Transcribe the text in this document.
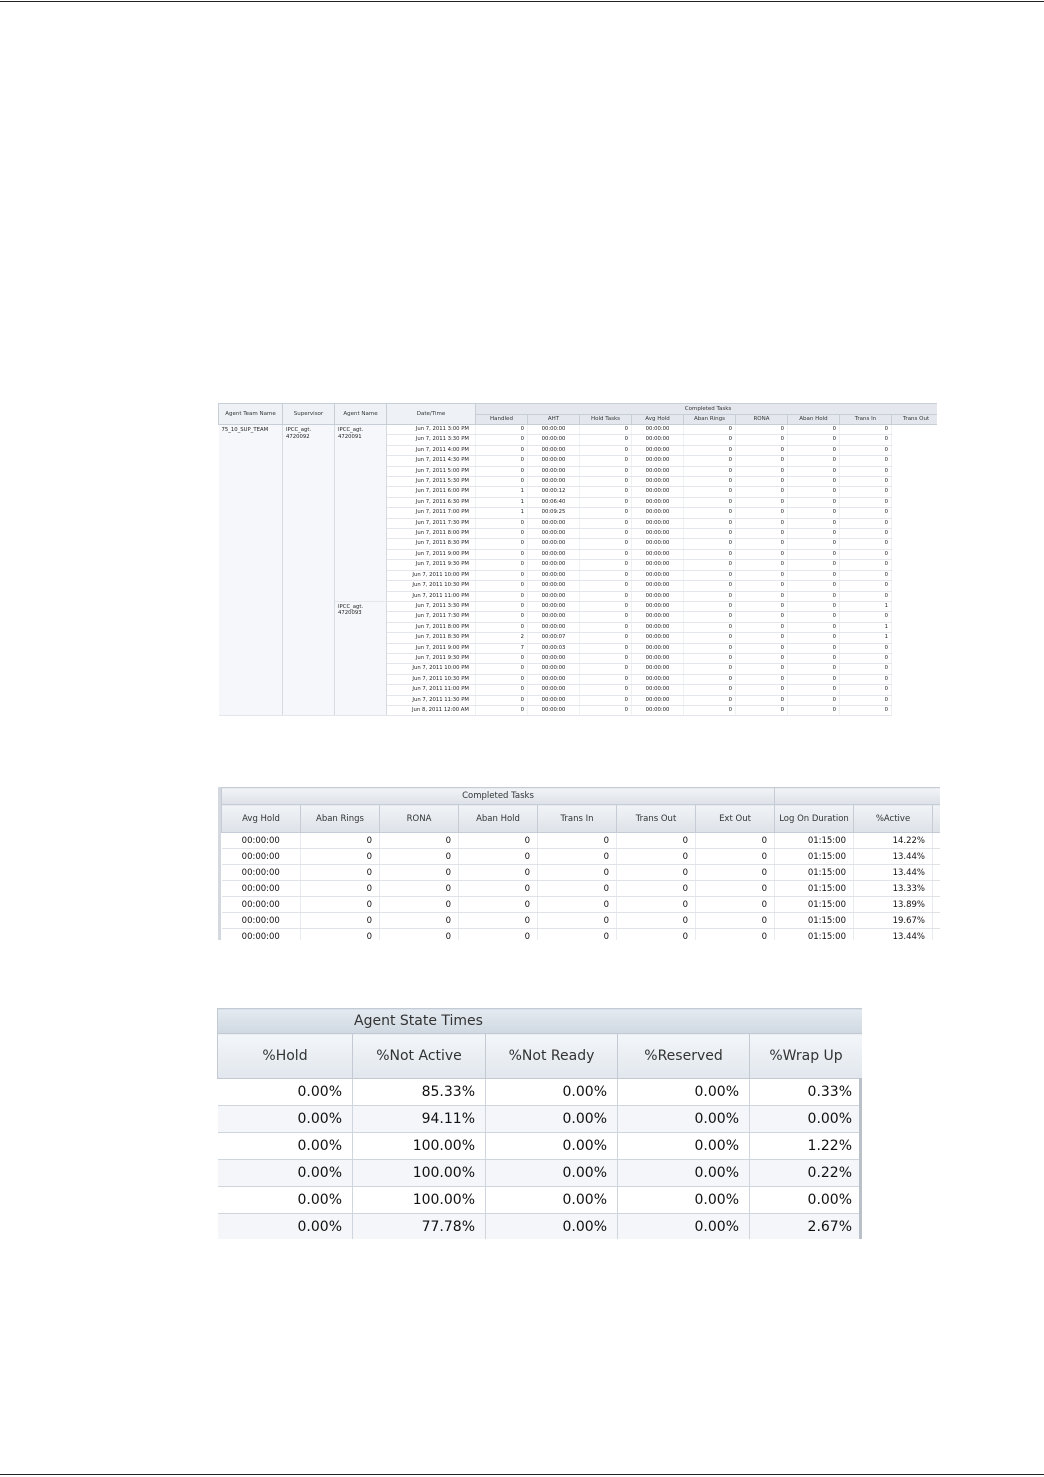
Agent Team Name	Supervisor	Agent Name	Date/Time	Completed Tasks								
				Handled	AHT	Hold Tasks	Avg Hold	Aban Rings	RONA	Aban Hold	Trans In	Trans Out
75_10_SUP_TEAM	IPCC_agt. 4720092	IPCC_agt. 4720091	Jun 7, 2011 3:00 PM	0	00:00:00	0	00:00:00	0	0	0	0	
			Jun 7, 2011 3:30 PM	0	00:00:00	0	00:00:00	0	0	0	0	
			Jun 7, 2011 4:00 PM	0	00:00:00	0	00:00:00	0	0	0	0	
			Jun 7, 2011 4:30 PM	0	00:00:00	0	00:00:00	0	0	0	0	
			Jun 7, 2011 5:00 PM	0	00:00:00	0	00:00:00	0	0	0	0	
			Jun 7, 2011 5:30 PM	0	00:00:00	0	00:00:00	0	0	0	0	
			Jun 7, 2011 6:00 PM	1	00:00:12	0	00:00:00	0	0	0	0	
			Jun 7, 2011 6:30 PM	1	00:06:40	0	00:00:00	0	0	0	0	
			Jun 7, 2011 7:00 PM	1	00:09:25	0	00:00:00	0	0	0	0	
			Jun 7, 2011 7:30 PM	0	00:00:00	0	00:00:00	0	0	0	0	
			Jun 7, 2011 8:00 PM	0	00:00:00	0	00:00:00	0	0	0	0	
			Jun 7, 2011 8:30 PM	0	00:00:00	0	00:00:00	0	0	0	0	
			Jun 7, 2011 9:00 PM	0	00:00:00	0	00:00:00	0	0	0	0	
			Jun 7, 2011 9:30 PM	0	00:00:00	0	00:00:00	0	0	0	0	
			Jun 7, 2011 10:00 PM	0	00:00:00	0	00:00:00	0	0	0	0	
			Jun 7, 2011 10:30 PM	0	00:00:00	0	00:00:00	0	0	0	0	
			Jun 7, 2011 11:00 PM	0	00:00:00	0	00:00:00	0	0	0	0	
		IPCC_agt. 4720093	Jun 7, 2011 3:30 PM	0	00:00:00	0	00:00:00	0	0	0	1	
			Jun 7, 2011 7:30 PM	0	00:00:00	0	00:00:00	0	0	0	0	
			Jun 7, 2011 8:00 PM	0	00:00:00	0	00:00:00	0	0	0	1	
			Jun 7, 2011 8:30 PM	2	00:00:07	0	00:00:00	0	0	0	1	
			Jun 7, 2011 9:00 PM	7	00:00:03	0	00:00:00	0	0	0	0	
			Jun 7, 2011 9:30 PM	0	00:00:00	0	00:00:00	0	0	0	0	
			Jun 7, 2011 10:00 PM	0	00:00:00	0	00:00:00	0	0	0	0	
			Jun 7, 2011 10:30 PM	0	00:00:00	0	00:00:00	0	0	0	0	
			Jun 7, 2011 11:00 PM	0	00:00:00	0	00:00:00	0	0	0	0	
			Jun 7, 2011 11:30 PM	0	00:00:00	0	00:00:00	0	0	0	0	
			Jun 8, 2011 12:00 AM	0	00:00:00	0	00:00:00	0	0	0	0	
Completed Tasks									
Avg Hold	Aban Rings	RONA	Aban Hold	Trans In	Trans Out	Ext Out	Log On Duration	%Active	
00:00:00	0	0	0	0	0	0	01:15:00	14.22%	
00:00:00	0	0	0	0	0	0	01:15:00	13.44%	
00:00:00	0	0	0	0	0	0	01:15:00	13.44%	
00:00:00	0	0	0	0	0	0	01:15:00	13.33%	
00:00:00	0	0	0	0	0	0	01:15:00	13.89%	
00:00:00	0	0	0	0	0	0	01:15:00	19.67%	
00:00:00	0	0	0	0	0	0	01:15:00	13.44%	
Agent State Times				
%Hold	%Not Active	%Not Ready	%Reserved	%Wrap Up
0.00%	85.33%	0.00%	0.00%	0.33%
0.00%	94.11%	0.00%	0.00%	0.00%
0.00%	100.00%	0.00%	0.00%	1.22%
0.00%	100.00%	0.00%	0.00%	0.22%
0.00%	100.00%	0.00%	0.00%	0.00%
0.00%	77.78%	0.00%	0.00%	2.67%
